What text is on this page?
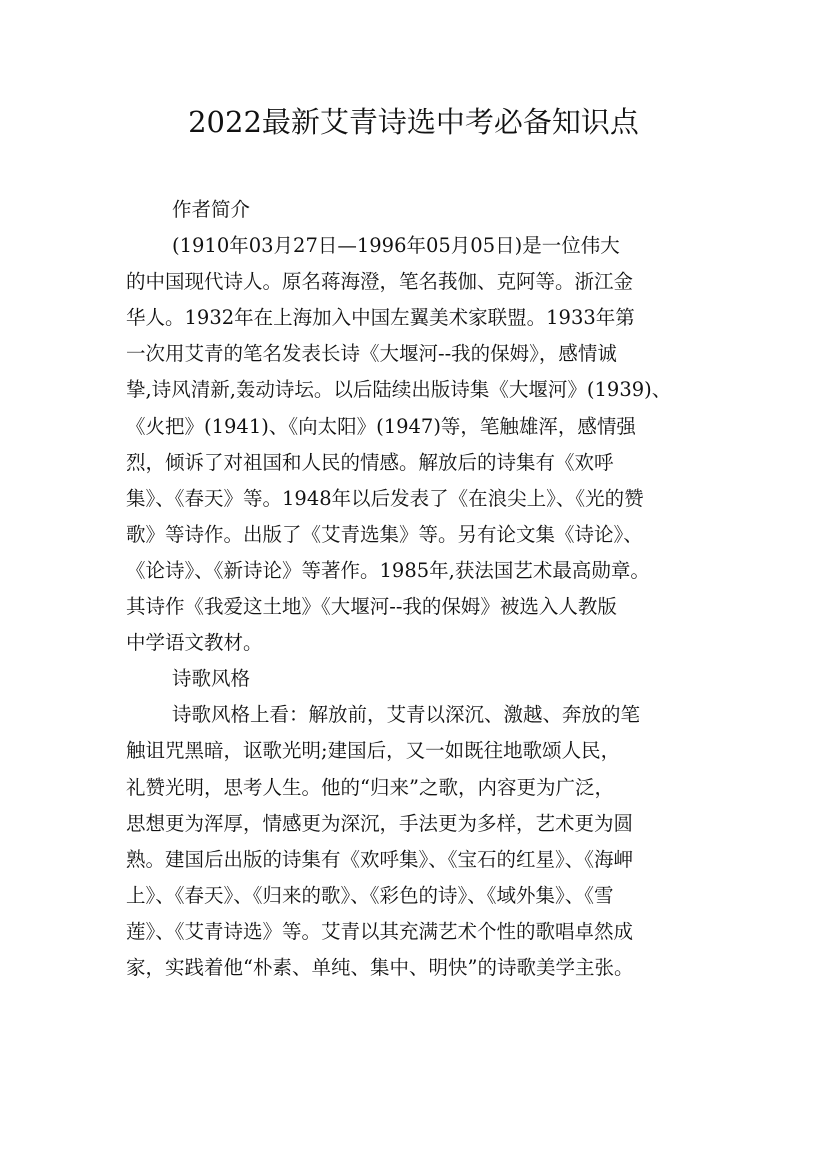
2022最新艾青诗选中考必备知识点
作者简介
(1910年03月27日—1996年05月05日)是一位伟大
的中国现代诗人。原名蒋海澄，笔名莪伽、克阿等。浙江金
华人。1932年在上海加入中国左翼美术家联盟。1933年第
一次用艾青的笔名发表长诗《大堰河--我的保姆》，感情诚
挚,诗风清新,轰动诗坛。以后陆续出版诗集《大堰河》(1939)、
《火把》(1941)、《向太阳》(1947)等，笔触雄浑，感情强
烈，倾诉了对祖国和人民的情感。解放后的诗集有《欢呼
集》、《春天》等。1948年以后发表了《在浪尖上》、《光的赞
歌》等诗作。出版了《艾青选集》等。另有论文集《诗论》、
《论诗》、《新诗论》等著作。1985年,获法国艺术最高勋章。
其诗作《我爱这土地》《大堰河--我的保姆》被选入人教版
中学语文教材。
诗歌风格
诗歌风格上看：解放前，艾青以深沉、激越、奔放的笔
触诅咒黑暗，讴歌光明;建国后，又一如既往地歌颂人民，
礼赞光明，思考人生。他的“归来”之歌，内容更为广泛，
思想更为浑厚，情感更为深沉，手法更为多样，艺术更为圆
熟。建国后出版的诗集有《欢呼集》、《宝石的红星》、《海岬
上》、《春天》、《归来的歌》、《彩色的诗》、《域外集》、《雪
莲》、《艾青诗选》等。艾青以其充满艺术个性的歌唱卓然成
家，实践着他“朴素、单纯、集中、明快”的诗歌美学主张。
